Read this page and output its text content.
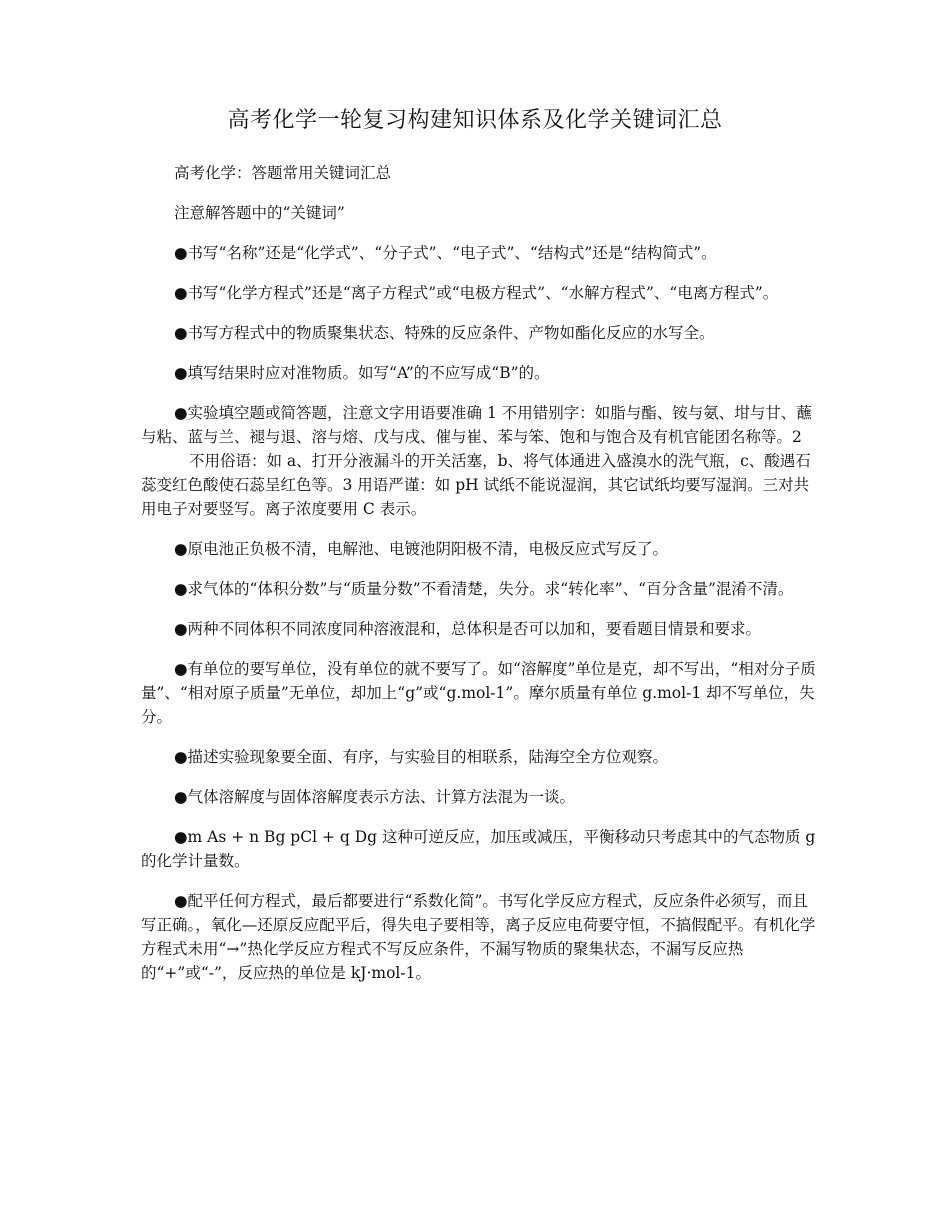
高考化学一轮复习构建知识体系及化学关键词汇总

高考化学：答题常用关键词汇总

注意解答题中的“关键词”

●书写“名称”还是“化学式”、“分子式”、“电子式”、“结构式”还是“结构简式”。

●书写“化学方程式”还是“离子方程式”或“电极方程式”、“水解方程式”、“电离方程式”。

●书写方程式中的物质聚集状态、特殊的反应条件、产物如酯化反应的水写全。

●填写结果时应对准物质。如写“A”的不应写成“B”的。

●实验填空题或简答题，注意文字用语要准确 1 不用错别字：如脂与酯、铵与氨、坩与甘、蘸与粘、蓝与兰、褪与退、溶与熔、戊与戌、催与崔、苯与笨、饱和与饱合及有机官能团名称等。2

不用俗语：如 a、打开分液漏斗的开关活塞，b、将气体通进入盛溴水的洗气瓶，c、酸遇石蕊变红色酸使石蕊呈红色等。3 用语严谨：如 pH 试纸不能说湿润，其它试纸均要写湿润。三对共用电子对要竖写。离子浓度要用 C 表示。

●原电池正负极不清，电解池、电镀池阴阳极不清，电极反应式写反了。

●求气体的“体积分数”与“质量分数”不看清楚，失分。求“转化率”、“百分含量”混淆不清。

●两种不同体积不同浓度同种溶液混和，总体积是否可以加和，要看题目情景和要求。

●有单位的要写单位，没有单位的就不要写了。如“溶解度”单位是克，却不写出，“相对分子质量”、“相对原子质量”无单位，却加上“g”或“g.mol-1”。摩尔质量有单位 g.mol-1 却不写单位，失分。

●描述实验现象要全面、有序，与实验目的相联系，陆海空全方位观察。

●气体溶解度与固体溶解度表示方法、计算方法混为一谈。

●m As + n Bg pCl + q Dg 这种可逆反应，加压或减压，平衡移动只考虑其中的气态物质 g 的化学计量数。

●配平任何方程式，最后都要进行“系数化简”。书写化学反应方程式，反应条件必须写，而且写正确。，氧化—还原反应配平后，得失电子要相等，离子反应电荷要守恒，不搞假配平。有机化学方程式未用“→”热化学反应方程式不写反应条件，不漏写物质的聚集状态，不漏写反应热的“+”或“-”，反应热的单位是 kJ·mol-1。
